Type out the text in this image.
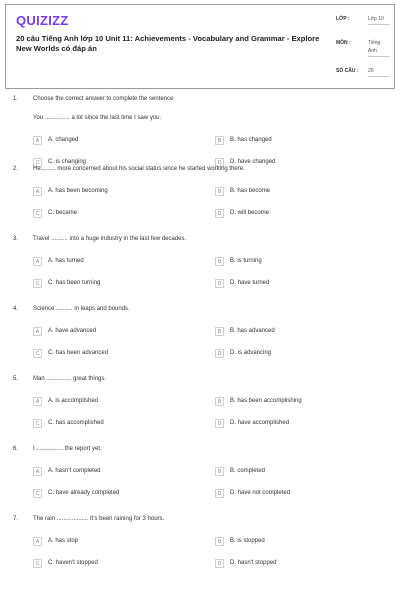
QUIZIZZ
20 câu Tiếng Anh lớp 10 Unit 11: Achievements - Vocabulary and Grammar - Explore New Worlds có đáp án
LỚP :	Lớp 10
MÔN :	Tiếng Anh
SỐ CÂU : 20
1. Choose the correct answer to complete the sentence
You ............... a lot since the last time I saw you.
A	A. changed	B	B. has changed
C	C. is changing	D	D. have changed
2. He......... more concerned about his social status since he started working there.
A	A. has been becoming	B	B. has become
C	C. became	D	D. will become
3. Travel .......... into a huge industry in the last few decades.
A	A. has turned	B	B. is turning
C	C. has been turning	D	D. have turned
4. Science .......... in leaps and bounds.
A	A. have advanced	B	B. has advanced
C	C. has been advanced	D	D. is advancing
5. Man ............... great things.
A	A. is accomplished	B	B. has been accomplishing
C	C. has accomplished	D	D. have accomplished
6. I ................ the report yet.
A	A. hasn't completed	B	B. completed
C	C. have already completed	D	D. have not completed
7. The rain ................... It's been raining for 3 hours.
A	A. has stop	B	B. is stopped
C	C. haven't stopped	D	D. hasn't stopped
